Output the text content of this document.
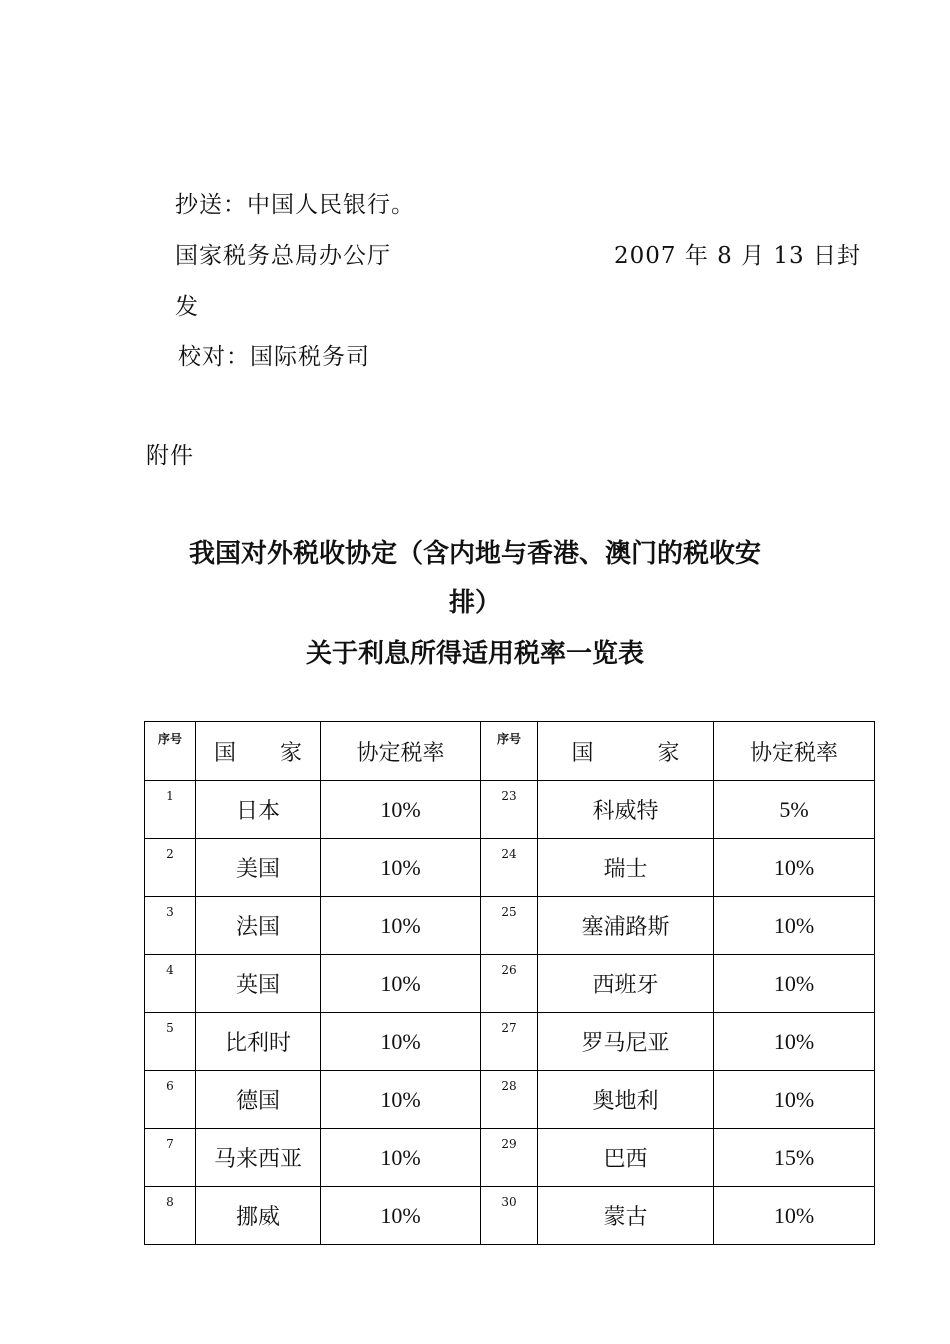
抄送：中国人民银行。
国家税务总局办公厅	2007 年 8 月 13 日封
发
校对：国际税务司
附件
我国对外税收协定（含内地与香港、澳门的税收安
排）
关于利息所得适用税率一览表
序号	国 家	协定税率	序号	国 家	协定税率
1	日本	10%	23	科威特	5%
2	美国	10%	24	瑞士	10%
3	法国	10%	25	塞浦路斯	10%
4	英国	10%	26	西班牙	10%
5	比利时	10%	27	罗马尼亚	10%
6	德国	10%	28	奥地利	10%
7	马来西亚	10%	29	巴西	15%
8	挪威	10%	30	蒙古	10%
